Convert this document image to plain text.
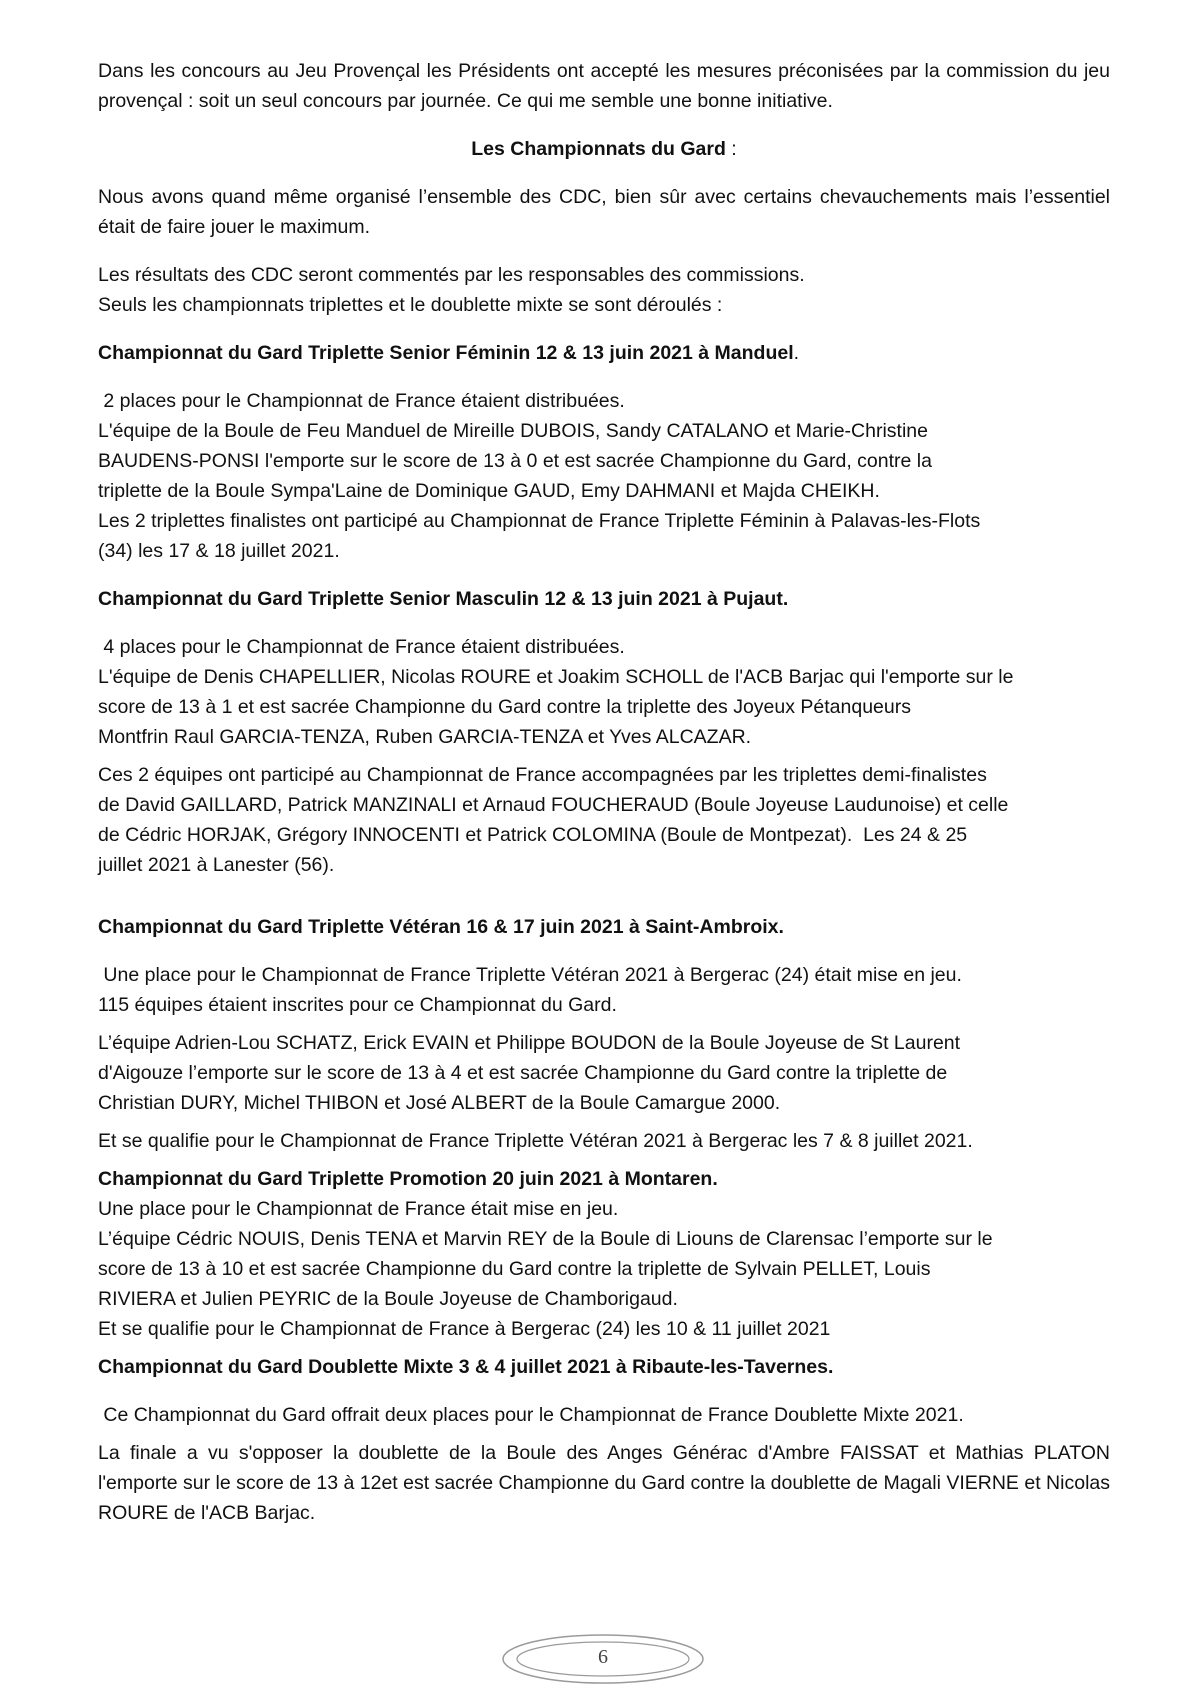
Dans les concours au Jeu Provençal les Présidents ont accepté les mesures préconisées par la commission du jeu provençal : soit un seul concours par journée. Ce qui me semble une bonne initiative.

Les Championnats du Gard :

Nous avons quand même organisé l’ensemble des CDC, bien sûr avec certains chevauchements mais l’essentiel était de faire jouer le maximum.

Les résultats des CDC seront commentés par les responsables des commissions.

Seuls les championnats triplettes et le doublette mixte se sont déroulés :

Championnat du Gard Triplette Senior Féminin 12 & 13 juin 2021 à Manduel.

2 places pour le Championnat de France étaient distribuées.

L'équipe de la Boule de Feu Manduel de Mireille DUBOIS, Sandy CATALANO et Marie-Christine

BAUDENS-PONSI l'emporte sur le score de 13 à 0 et est sacrée Championne du Gard, contre la

triplette de la Boule Sympa'Laine de Dominique GAUD, Emy DAHMANI et Majda CHEIKH.

Les 2 triplettes finalistes ont participé au Championnat de France Triplette Féminin à Palavas-les-Flots

(34) les 17 & 18 juillet 2021.

Championnat du Gard Triplette Senior Masculin 12 & 13 juin 2021 à Pujaut.

4 places pour le Championnat de France étaient distribuées.

L'équipe de Denis CHAPELLIER, Nicolas ROURE et Joakim SCHOLL de l'ACB Barjac qui l'emporte sur le

score de 13 à 1 et est sacrée Championne du Gard contre la triplette des Joyeux Pétanqueurs

Montfrin Raul GARCIA-TENZA, Ruben GARCIA-TENZA et Yves ALCAZAR.

Ces 2 équipes ont participé au Championnat de France accompagnées par les triplettes demi-finalistes

de David GAILLARD, Patrick MANZINALI et Arnaud FOUCHERAUD (Boule Joyeuse Laudunoise) et celle

de Cédric HORJAK, Grégory INNOCENTI et Patrick COLOMINA (Boule de Montpezat).  Les 24 & 25

juillet 2021 à Lanester (56).

Championnat du Gard Triplette Vétéran 16 & 17 juin 2021 à Saint-Ambroix.

Une place pour le Championnat de France Triplette Vétéran 2021 à Bergerac (24) était mise en jeu.

115 équipes étaient inscrites pour ce Championnat du Gard.

L’équipe Adrien-Lou SCHATZ, Erick EVAIN et Philippe BOUDON de la Boule Joyeuse de St Laurent

d'Aigouze l’emporte sur le score de 13 à 4 et est sacrée Championne du Gard contre la triplette de

Christian DURY, Michel THIBON et José ALBERT de la Boule Camargue 2000.

Et se qualifie pour le Championnat de France Triplette Vétéran 2021 à Bergerac les 7 & 8 juillet 2021.

Championnat du Gard Triplette Promotion 20 juin 2021 à Montaren.

Une place pour le Championnat de France était mise en jeu.

L’équipe Cédric NOUIS, Denis TENA et Marvin REY de la Boule di Liouns de Clarensac l’emporte sur le

score de 13 à 10 et est sacrée Championne du Gard contre la triplette de Sylvain PELLET, Louis

RIVIERA et Julien PEYRIC de la Boule Joyeuse de Chamborigaud.

Et se qualifie pour le Championnat de France à Bergerac (24) les 10 & 11 juillet 2021

Championnat du Gard Doublette Mixte 3 & 4 juillet 2021 à Ribaute-les-Tavernes.

Ce Championnat du Gard offrait deux places pour le Championnat de France Doublette Mixte 2021.

La finale a vu s'opposer la doublette de la Boule des Anges Générac d'Ambre FAISSAT et Mathias PLATON l'emporte sur le score de 13 à 12et est sacrée Championne du Gard contre la doublette de Magali VIERNE et Nicolas ROURE de l'ACB Barjac.

6
